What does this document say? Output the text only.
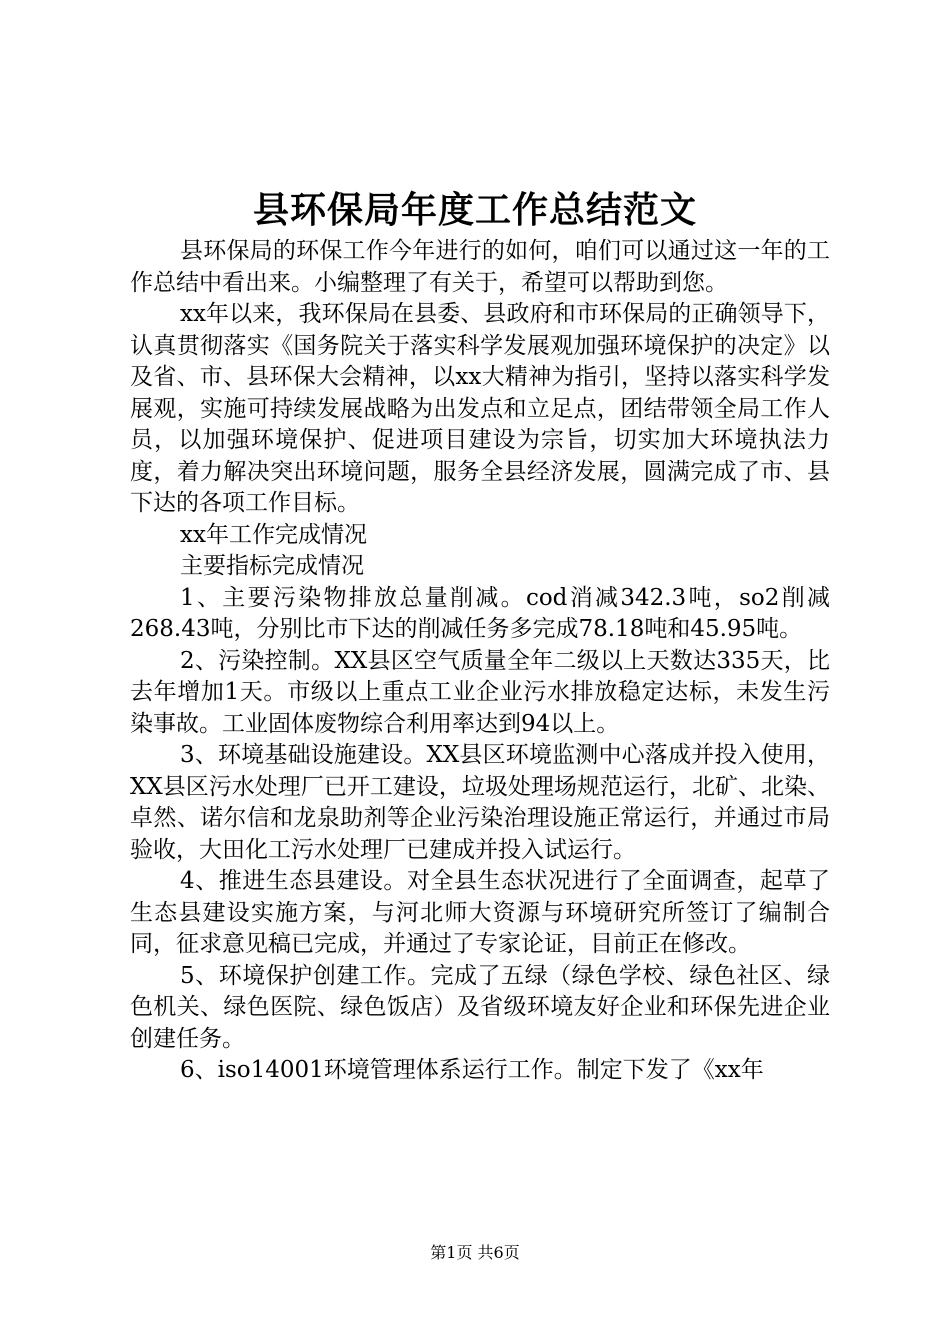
县环保局年度工作总结范文

县环保局的环保工作今年进行的如何，咱们可以通过这一年的工作总结中看出来。小编整理了有关于，希望可以帮助到您。

xx年以来，我环保局在县委、县政府和市环保局的正确领导下，认真贯彻落实《国务院关于落实科学发展观加强环境保护的决定》以及省、市、县环保大会精神，以xx大精神为指引，坚持以落实科学发展观，实施可持续发展战略为出发点和立足点，团结带领全局工作人员，以加强环境保护、促进项目建设为宗旨，切实加大环境执法力度，着力解决突出环境问题，服务全县经济发展，圆满完成了市、县下达的各项工作目标。

xx年工作完成情况

主要指标完成情况

1、主要污染物排放总量削减。cod消减342.3吨，so2削减268.43吨，分别比市下达的削减任务多完成78.18吨和45.95吨。

2、污染控制。XX县区空气质量全年二级以上天数达335天，比去年增加1天。市级以上重点工业企业污水排放稳定达标，未发生污染事故。工业固体废物综合利用率达到94以上。

3、环境基础设施建设。XX县区环境监测中心落成并投入使用，XX县区污水处理厂已开工建设，垃圾处理场规范运行，北矿、北染、卓然、诺尔信和龙泉助剂等企业污染治理设施正常运行，并通过市局验收，大田化工污水处理厂已建成并投入试运行。

4、推进生态县建设。对全县生态状况进行了全面调查，起草了生态县建设实施方案，与河北师大资源与环境研究所签订了编制合同，征求意见稿已完成，并通过了专家论证，目前正在修改。

5、环境保护创建工作。完成了五绿（绿色学校、绿色社区、绿色机关、绿色医院、绿色饭店）及省级环境友好企业和环保先进企业创建任务。

6、iso14001环境管理体系运行工作。制定下发了《xx年

第1页 共6页
